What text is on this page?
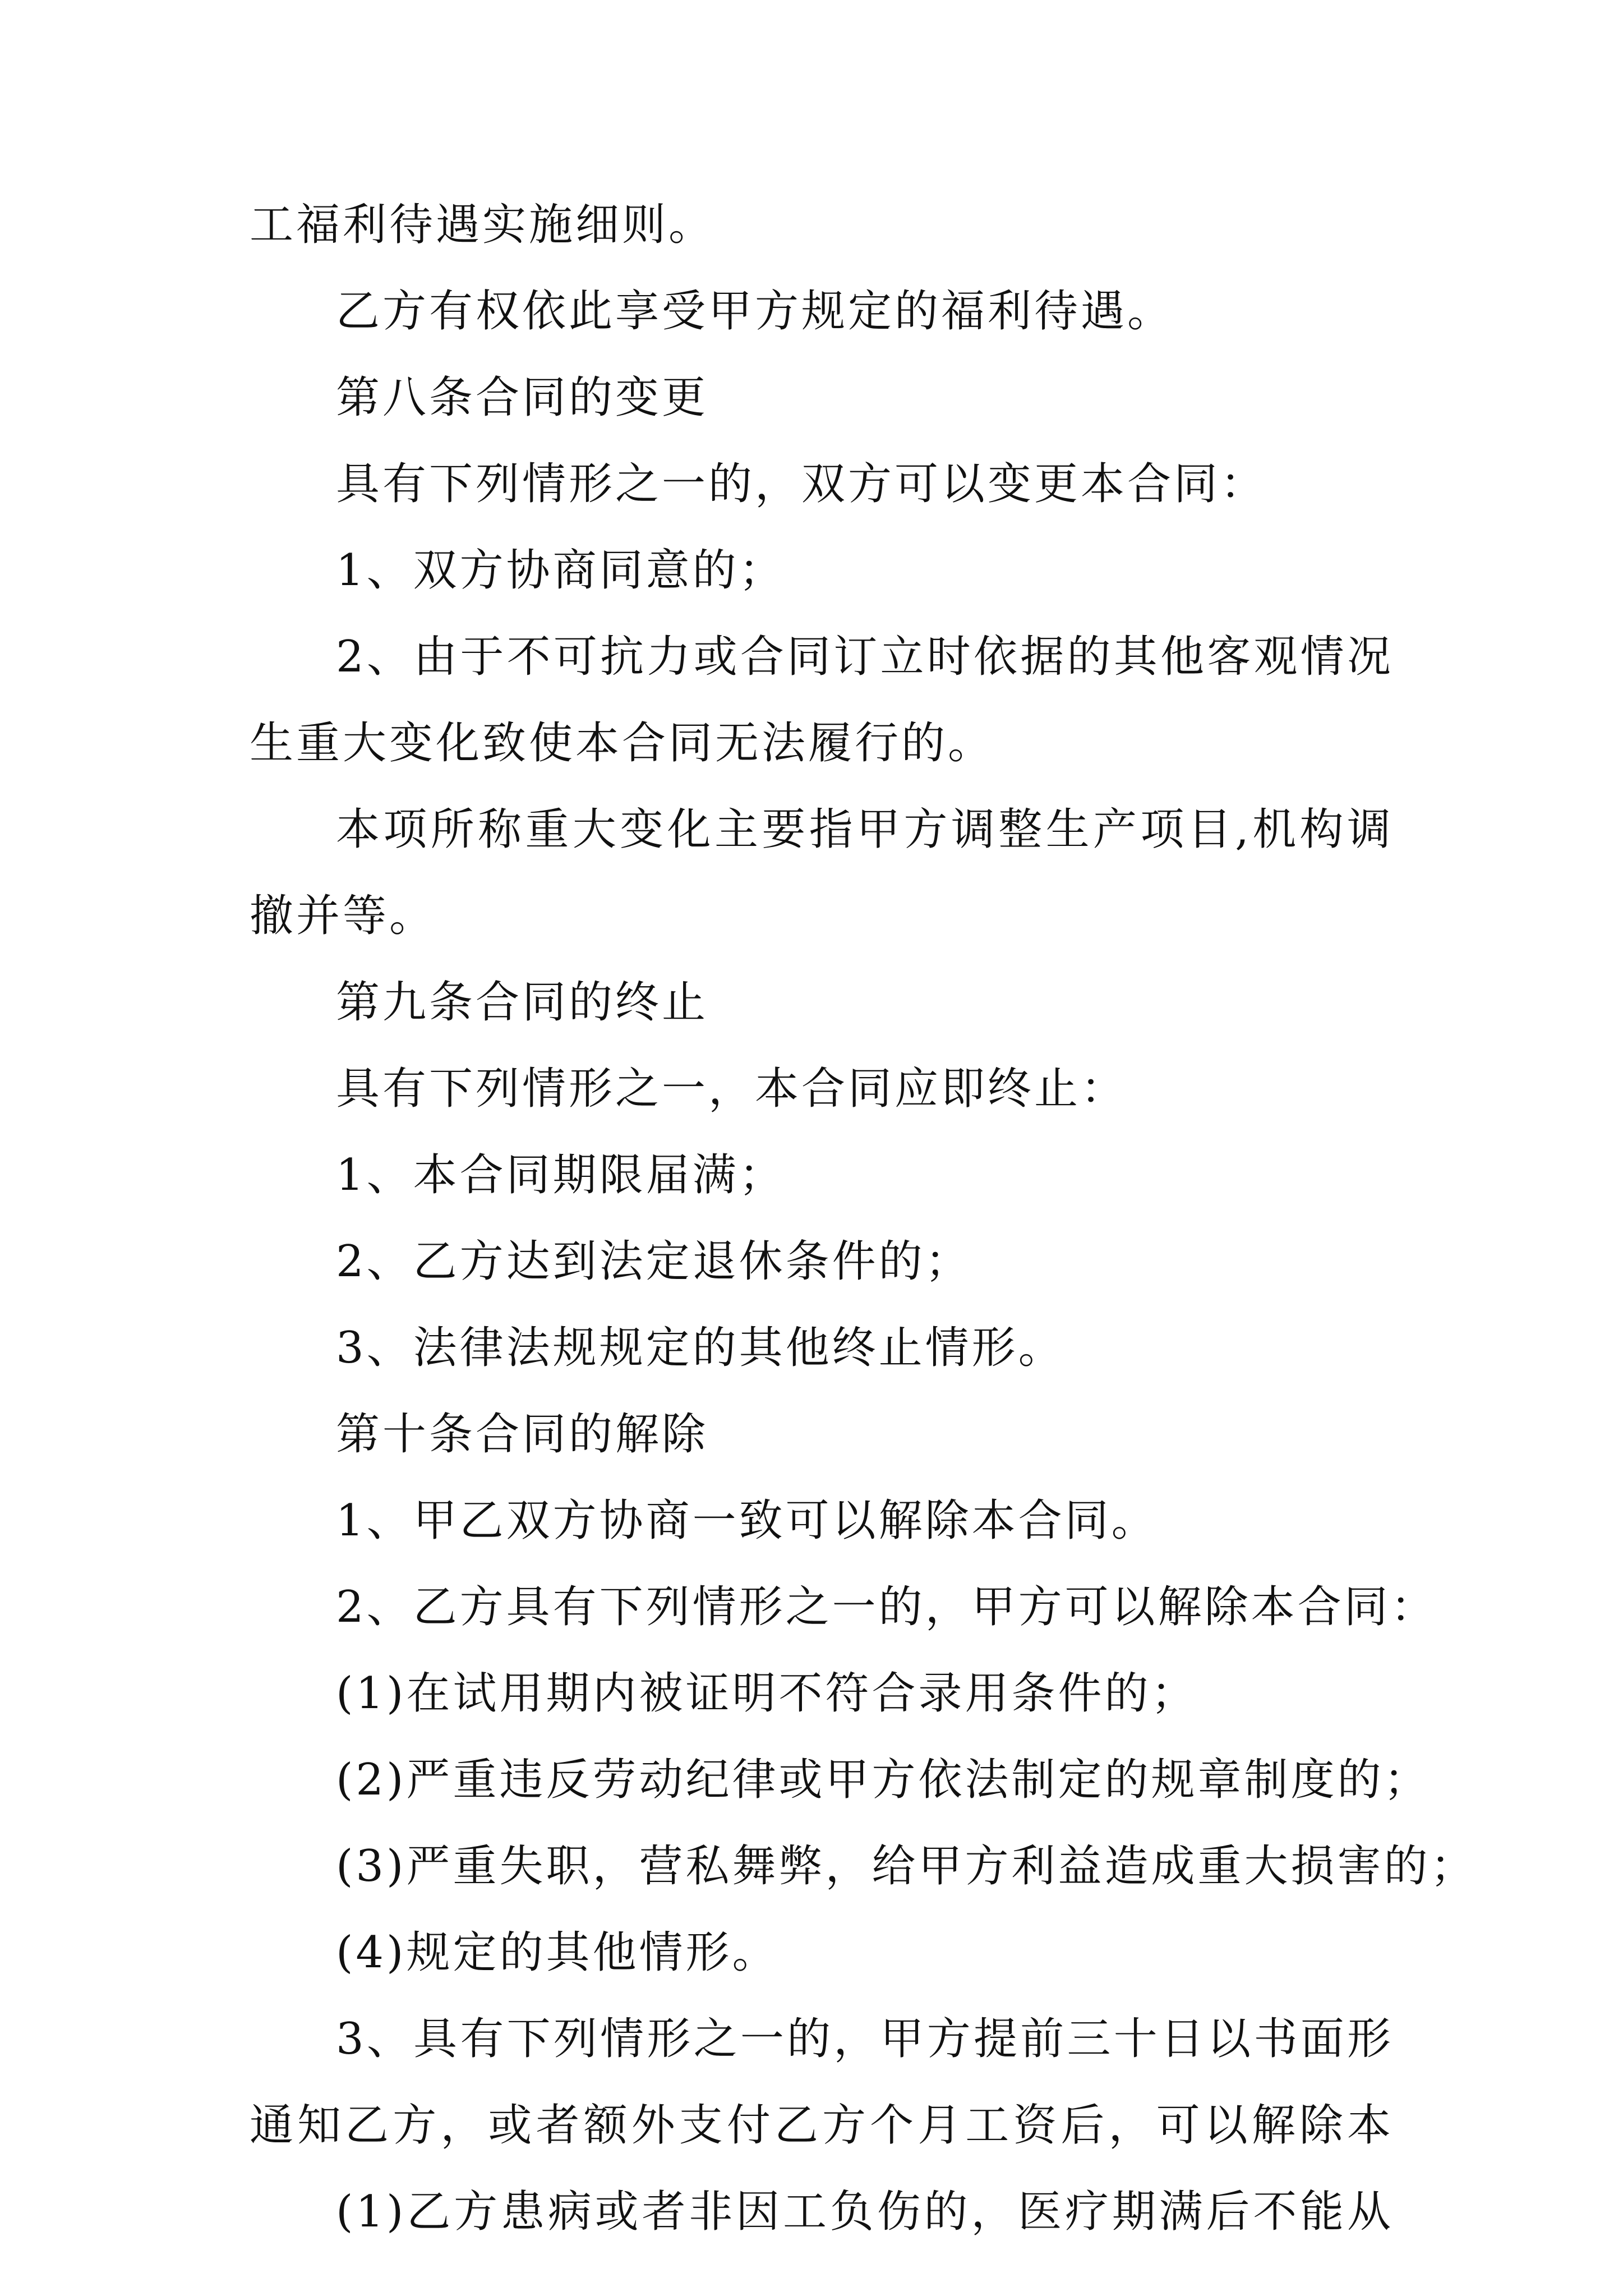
工福利待遇实施细则。
乙方有权依此享受甲方规定的福利待遇。
第八条合同的变更
具有下列情形之一的，双方可以变更本合同：
1、双方协商同意的；
2、由于不可抗力或合同订立时依据的其他客观情况
生重大变化致使本合同无法履行的。
本项所称重大变化主要指甲方调整生产项目,机构调
撤并等。
第九条合同的终止
具有下列情形之一，本合同应即终止：
1、本合同期限届满；
2、乙方达到法定退休条件的；
3、法律法规规定的其他终止情形。
第十条合同的解除
1、甲乙双方协商一致可以解除本合同。
2、乙方具有下列情形之一的，甲方可以解除本合同：
(1)在试用期内被证明不符合录用条件的；
(2)严重违反劳动纪律或甲方依法制定的规章制度的；
(3)严重失职，营私舞弊，给甲方利益造成重大损害的；
(4)规定的其他情形。
3、具有下列情形之一的，甲方提前三十日以书面形
通知乙方，或者额外支付乙方个月工资后，可以解除本
(1)乙方患病或者非因工负伤的，医疗期满后不能从
